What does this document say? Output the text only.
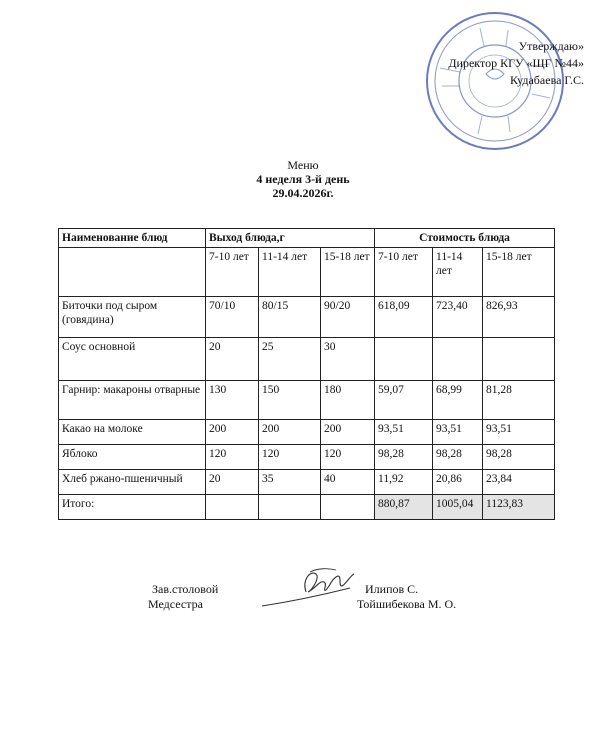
Утверждаю»
Директор КГУ «ЩГ №44»
Кудабаева Г.С.
Меню
4 неделя 3-й день
29.04.2026г.
Наименование блюд	Выход блюда,г			Стоимость блюда		
	7-10 лет	11-14 лет	15-18 лет	7-10 лет	11-14 лет	15-18 лет
Биточки под сыром (говядина)	70/10	80/15	90/20	618,09	723,40	826,93
Соус основной	20	25	30			
Гарнир: макароны отварные	130	150	180	59,07	68,99	81,28
Какао на молоке	200	200	200	93,51	93,51	93,51
Яблоко	120	120	120	98,28	98,28	98,28
Хлеб ржано-пшеничный	20	35	40	11,92	20,86	23,84
Итого:				880,87	1005,04	1123,83
Зав.столовой
Медсестра
Илипов С.
Тойшибекова М. О.
